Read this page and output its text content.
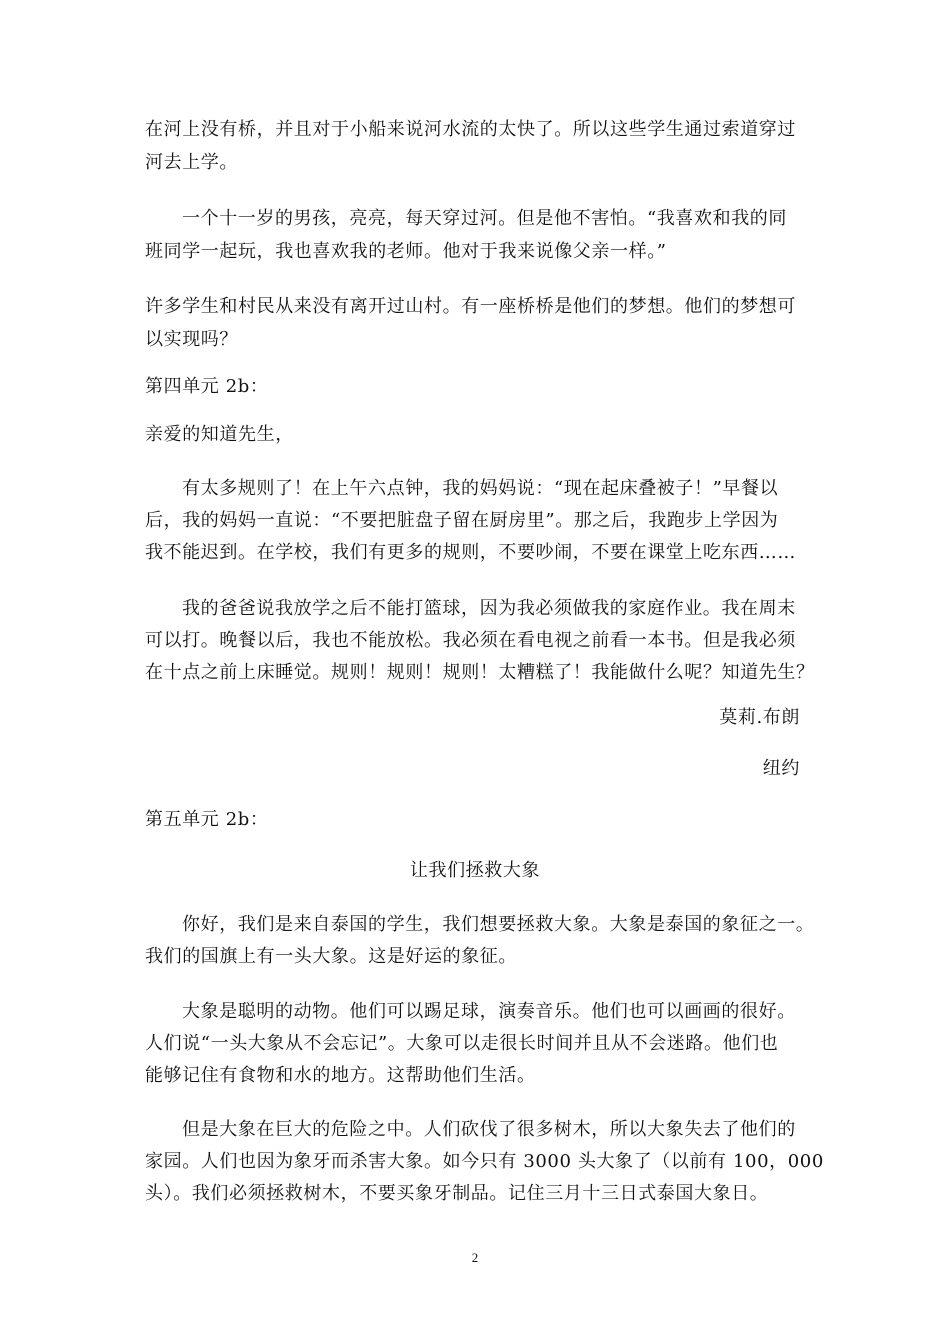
在河上没有桥，并且对于小船来说河水流的太快了。所以这些学生通过索道穿过
河去上学。
一个十一岁的男孩，亮亮，每天穿过河。但是他不害怕。“我喜欢和我的同
班同学一起玩，我也喜欢我的老师。他对于我来说像父亲一样。”
许多学生和村民从来没有离开过山村。有一座桥桥是他们的梦想。他们的梦想可
以实现吗？
第四单元 2b：
亲爱的知道先生，
有太多规则了！在上午六点钟，我的妈妈说：“现在起床叠被子！”早餐以
后，我的妈妈一直说：“不要把脏盘子留在厨房里”。那之后，我跑步上学因为
我不能迟到。在学校，我们有更多的规则，不要吵闹，不要在课堂上吃东西……
我的爸爸说我放学之后不能打篮球，因为我必须做我的家庭作业。我在周末
可以打。晚餐以后，我也不能放松。我必须在看电视之前看一本书。但是我必须
在十点之前上床睡觉。规则！规则！规则！太糟糕了！我能做什么呢？知道先生？
莫莉.布朗
纽约
第五单元 2b：
让我们拯救大象
你好，我们是来自泰国的学生，我们想要拯救大象。大象是泰国的象征之一。
我们的国旗上有一头大象。这是好运的象征。
大象是聪明的动物。他们可以踢足球，演奏音乐。他们也可以画画的很好。
人们说“一头大象从不会忘记”。大象可以走很长时间并且从不会迷路。他们也
能够记住有食物和水的地方。这帮助他们生活。
但是大象在巨大的危险之中。人们砍伐了很多树木，所以大象失去了他们的
家园。人们也因为象牙而杀害大象。如今只有 3000 头大象了（以前有 100，000
头）。我们必须拯救树木，不要买象牙制品。记住三月十三日式泰国大象日。
2
